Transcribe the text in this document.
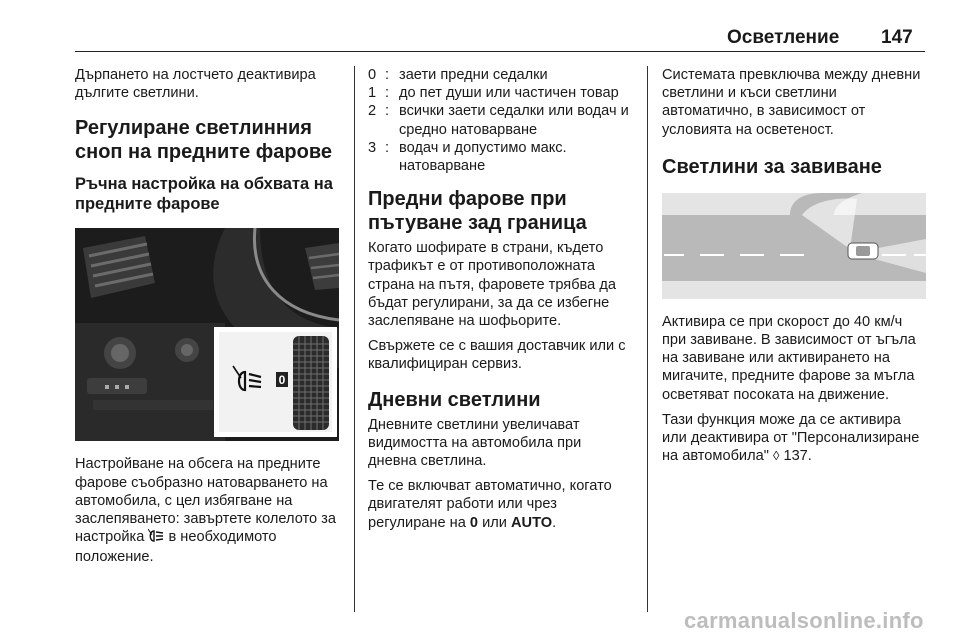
Осветление 147

Дърпането на лостчето деактивира дългите светлини.

Регулиране светлинния сноп на предните фарове
Ръчна настройка на обхвата на предните фарове
0

Настройване на обсега на предните фарове съобразно натоварването на автомобила, с цел избягване на заслепяването: завъртете колелото за настройка в необходимото положение.

0 : заети предни седалки
1 : до пет души или частичен товар
2 : всички заети седалки или водач и средно натоварване
3 : водач и допустимо макс. натоварване
Предни фарове при пътуване зад граница

Когато шофирате в страни, където трафикът е от противоположната страна на пътя, фаровете трябва да бъдат регулирани, за да се избегне заслепяване на шофьорите.

Свържете се с вашия доставчик или с квалифициран сервиз.

Дневни светлини

Дневните светлини увеличават видимостта на автомобила при дневна светлина.

Те се включват автоматично, когато двигателят работи или чрез регулиране на 0 или AUTO.

Системата превключва между дневни светлини и къси светлини автоматично, в зависимост от условията на осветеност.

Светлини за завиване

Активира се при скорост до 40 км/ч при завиване. В зависимост от ъгъла на завиване или активирането на мигачите, предните фарове за мъгла осветяват посоката на движение.

Тази функция може да се активира или деактивира от "Персонализиране на автомобила" ◊ 137.

carmanualsonline.info
